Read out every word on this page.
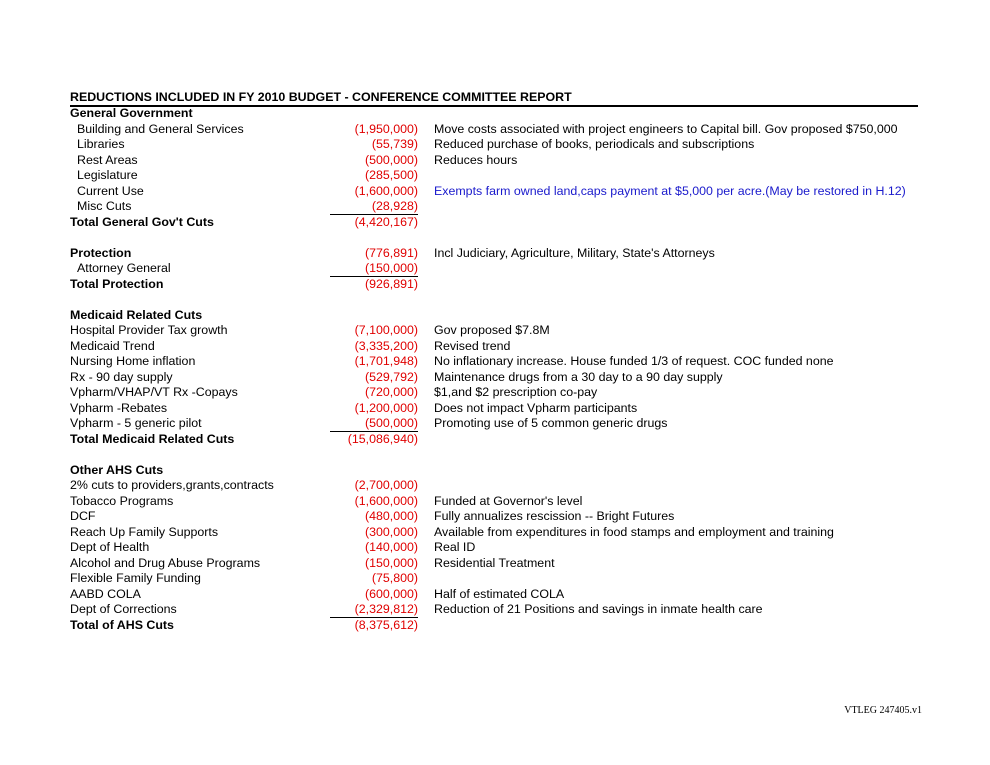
REDUCTIONS INCLUDED IN FY 2010 BUDGET - CONFERENCE COMMITTEE REPORT
General Government
Building and General Services	(1,950,000) Move costs associated with project engineers to Capital bill. Gov proposed $750,000
Libraries	(55,739) Reduced purchase of books, periodicals and subscriptions
Rest Areas	(500,000) Reduces hours
Legislature	(285,500)
Current Use	(1,600,000) Exempts farm owned land,caps payment at $5,000 per acre.(May be restored in H.12)
Misc Cuts	(28,928)
Total General Gov't Cuts	(4,420,167)
Protection	(776,891) Incl Judiciary, Agriculture, Military, State's Attorneys
Attorney General	(150,000)
Total Protection	(926,891)
Medicaid Related Cuts
Hospital Provider Tax growth	(7,100,000) Gov proposed $7.8M
Medicaid Trend	(3,335,200) Revised trend
Nursing Home inflation	(1,701,948) No inflationary increase. House funded 1/3 of request. COC funded none
Rx - 90 day supply	(529,792) Maintenance drugs from a 30 day to a 90 day supply
Vpharm/VHAP/VT Rx -Copays	(720,000) $1,and $2 prescription co-pay
Vpharm -Rebates	(1,200,000) Does not impact Vpharm participants
Vpharm - 5 generic pilot	(500,000) Promoting use of 5 common generic drugs
Total Medicaid Related Cuts	(15,086,940)
Other AHS Cuts
2% cuts to providers,grants,contracts	(2,700,000)
Tobacco Programs	(1,600,000) Funded at Governor's level
DCF	(480,000) Fully annualizes rescission -- Bright Futures
Reach Up Family Supports	(300,000) Available from expenditures in food stamps and employment and training
Dept of Health	(140,000) Real ID
Alcohol and Drug Abuse Programs	(150,000) Residential Treatment
Flexible Family Funding	(75,800)
AABD COLA	(600,000) Half of estimated COLA
Dept of Corrections	(2,329,812) Reduction of 21 Positions and savings in inmate health care
Total of AHS Cuts	(8,375,612)
VTLEG 247405.v1
